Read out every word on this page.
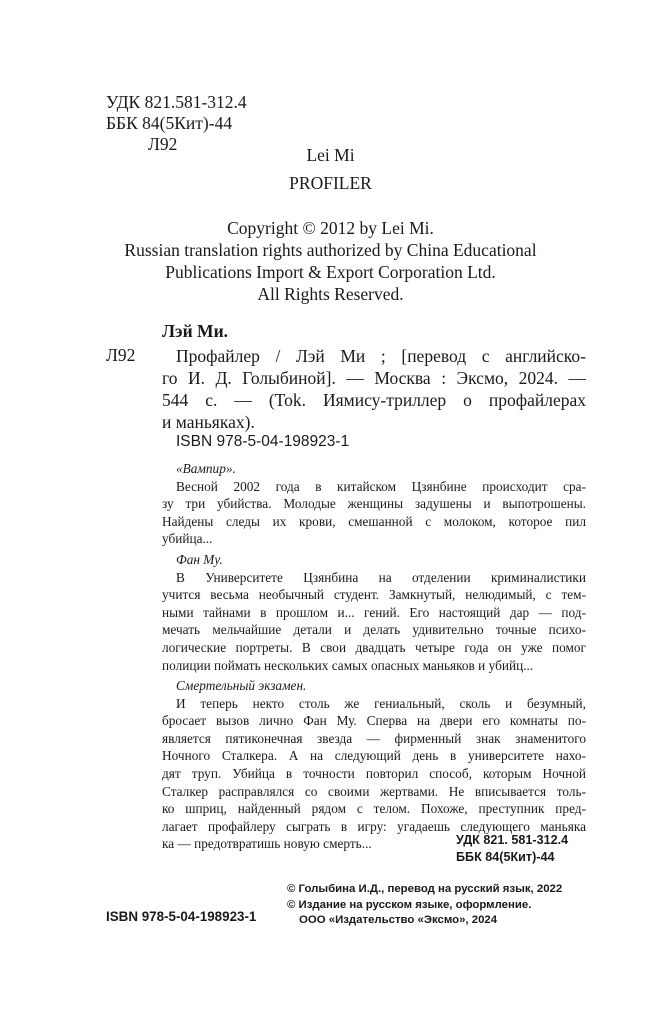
УДК 821.581-312.4
ББК 84(5Кит)-44
Л92
Lei Mi
PROFILER
Copyright © 2012 by Lei Mi.
Russian translation rights authorized by China Educational
Publications Import & Export Corporation Ltd.
All Rights Reserved.
Лэй Ми.
Л92	Профайлер / Лэй Ми ; [перевод с английско-
го И. Д. Голыбиной]. — Москва : Эксмо, 2024. —
544 с. — (Tok. Иямису-триллер о профайлерах
и маньяках).
ISBN 978-5-04-198923-1
«Вампир».
Весной 2002 года в китайском Цзянбине происходит сра-
зу три убийства. Молодые женщины задушены и выпотрошены.
Найдены следы их крови, смешанной с молоком, которое пил
убийца...
Фан Му.
В Университете Цзянбина на отделении криминалистики
учится весьма необычный студент. Замкнутый, нелюдимый, с тем-
ными тайнами в прошлом и... гений. Его настоящий дар — под-
мечать мельчайшие детали и делать удивительно точные психо-
логические портреты. В свои двадцать четыре года он уже помог
полиции поймать нескольких самых опасных маньяков и убийц...
Смертельный экзамен.
И теперь некто столь же гениальный, сколь и безумный,
бросает вызов лично Фан Му. Сперва на двери его комнаты по-
является пятиконечная звезда — фирменный знак знаменитого
Ночного Сталкера. А на следующий день в университете нахо-
дят труп. Убийца в точности повторил способ, которым Ночной
Сталкер расправлялся со своими жертвами. Не вписывается толь-
ко шприц, найденный рядом с телом. Похоже, преступник пред-
лагает профайлеру сыграть в игру: угадаешь следующего маньяка
ка — предотвратишь новую смерть...	УДК 821. 581-312.4
ББК 84(5Кит)-44
© Голыбина И.Д., перевод на русский язык, 2022
© Издание на русском языке, оформление.
ООО «Издательство «Эксмо», 2024
ISBN 978-5-04-198923-1
